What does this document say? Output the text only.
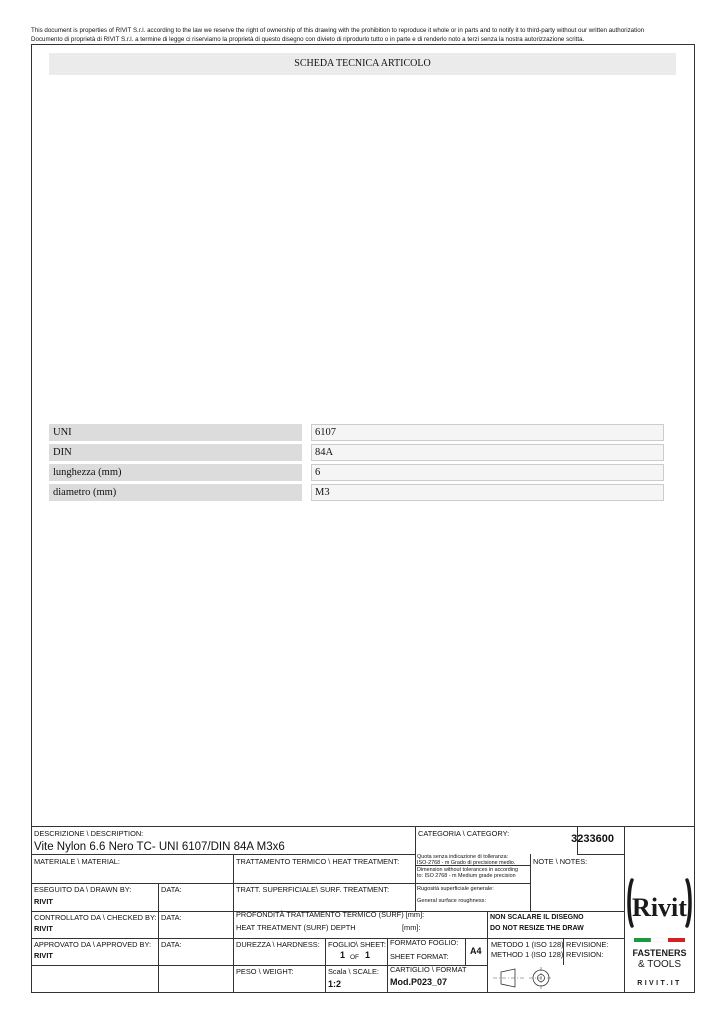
This document is properties of RIVIT S.r.l. according to the law we reserve the right of ownership of this drawing with the prohibition to reproduce it whole or in parts and to notify it to third-party without our written authorization
Documento di proprietà di RIVIT S.r.l. a termine di legge ci riserviamo la proprietà di questo disegno con divieto di riprodurlo tutto o in parte e di renderlo noto a terzi senza la nostra autorizzazione scritta.
SCHEDA TECNICA ARTICOLO
UNI	6107
DIN	84A
lunghezza (mm)	6
diametro (mm)	M3
DESCRIZIONE \ DESCRIPTION:
Vite Nylon 6.6 Nero TC- UNI 6107/DIN 84A M3x6
CATEGORIA \ CATEGORY:	3233600
MATERIALE \ MATERIAL:	TRATTAMENTO TERMICO \ HEAT TREATMENT:	Quota senza indicazione di tolleranza:
ISO-2768 - m Grado di precisione medio.
Dimension without tolerances in according
to: ISO 2768 - m Medium grade precision
NOTE \ NOTES:
ESEGUITO DA \ DRAWN BY:
RIVIT
DATA:	TRATT. SUPERFICIALE\ SURF. TREATMENT:	Rugosità superficiale generale:
General surface roughness:
CONTROLLATO DA \ CHECKED BY:
RIVIT
DATA:	PROFONDITÀ TRATTAMENTO TERMICO (SURF) [mm]:
HEAT TREATMENT (SURF) DEPTH	[mm]:
NON SCALARE IL DISEGNO
DO NOT RESIZE THE DRAW
APPROVATO DA \ APPROVED BY:
RIVIT
DATA:	DUREZZA \ HARDNESS: FOGLIO\ SHEET:
1 OF 1
FORMATO FOGLIO:
SHEET FORMAT:
A4
METODO 1 (ISO 128)
METHOD 1 (ISO 128)
REVISIONE:
REVISION:
PESO \ WEIGHT:	Scala \ SCALE:
1:2
CARTIGLIO \ FORMAT
Mod.P023_07
Rivit
FASTENERS
& TOOLS
RIVIT.IT
